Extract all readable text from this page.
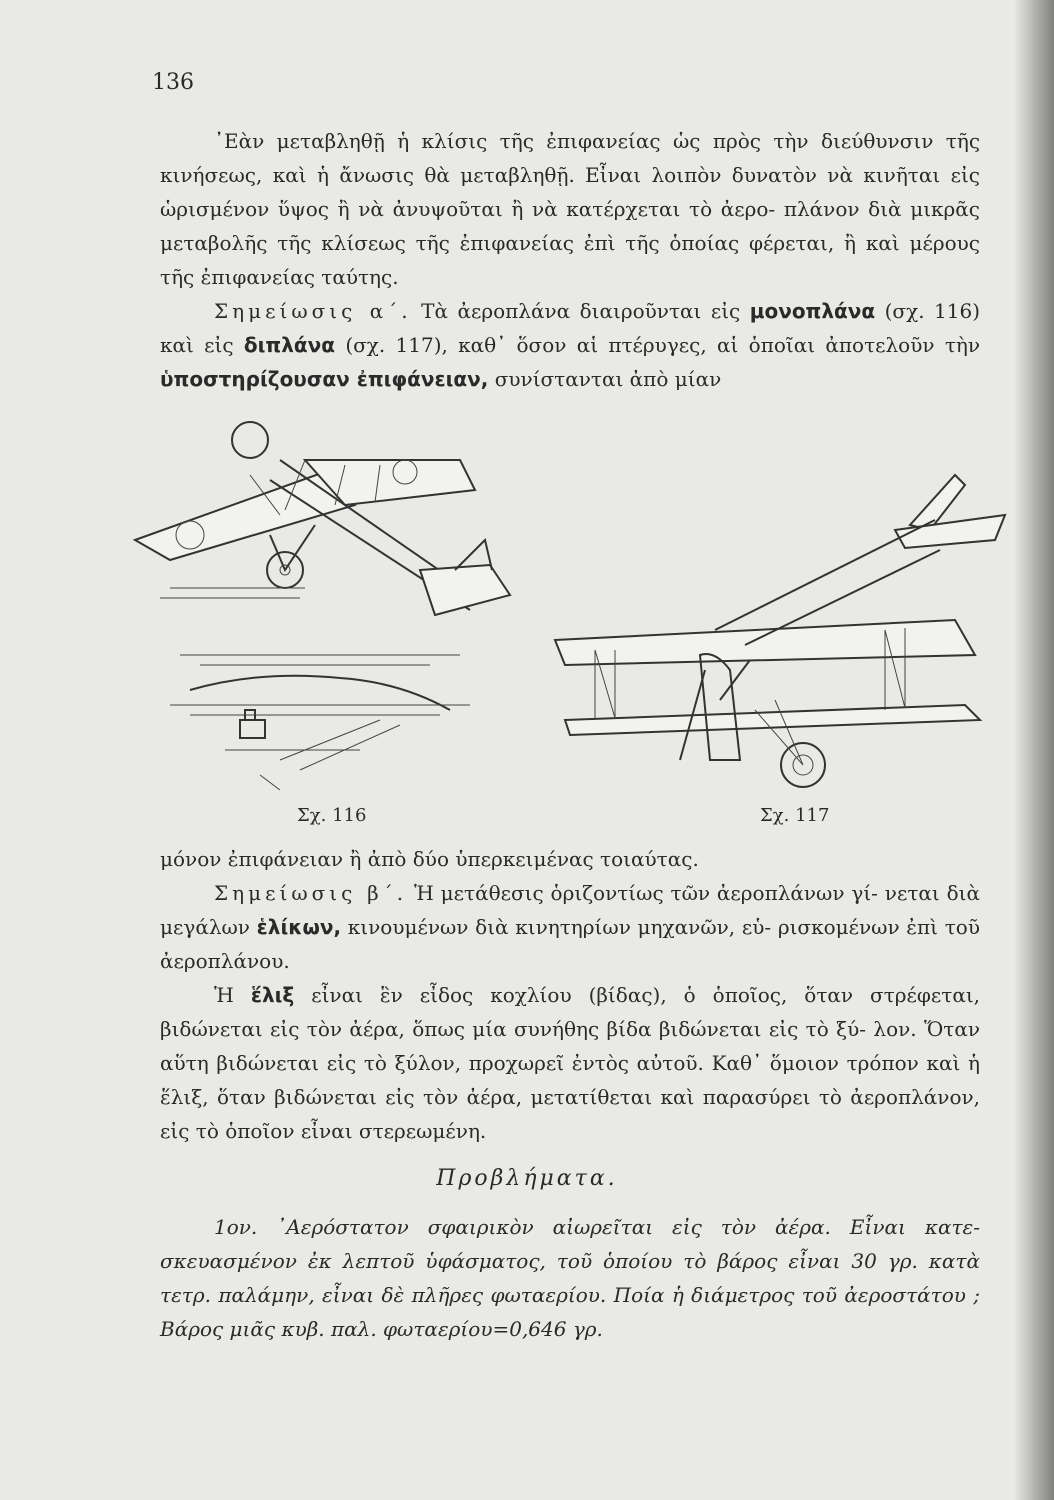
136

᾿Εὰν μεταβληθῇ ἡ κλίσις τῆς ἐπιφανείας ὡς πρὸς τὴν διεύθυνσιν τῆς κινήσεως, καὶ ἡ ἄνωσις θὰ μεταβληθῇ. Εἶναι λοιπὸν δυνατὸν νὰ κινῆται εἰς ὡρισμένον ὕψος ἢ νὰ ἀνυψοῦται ἢ νὰ κατέρχεται τὸ ἀερο- πλάνον διὰ μικρᾶς μεταβολῆς τῆς κλίσεως τῆς ἐπιφανείας ἐπὶ τῆς ὁποίας φέρεται, ἢ καὶ μέρους τῆς ἐπιφανείας ταύτης.

Σημείωσις α΄. Τὰ ἀεροπλάνα διαιροῦνται εἰς μονοπλάνα (σχ. 116) καὶ εἰς διπλάνα (σχ. 117), καθ᾿ ὅσον αἱ πτέρυγες, αἱ ὁποῖαι ἀποτελοῦν τὴν ὑποστηρίζουσαν ἐπιφάνειαν, συνίστανται ἀπὸ μίαν

Σχ. 116	Σχ. 117

μόνον ἐπιφάνειαν ἢ ἀπὸ δύο ὑπερκειμένας τοιαύτας.

Σημείωσις β΄. Ἡ μετάθεσις ὁριζοντίως τῶν ἀεροπλάνων γί- νεται διὰ μεγάλων ἑλίκων, κινουμένων διὰ κινητηρίων μηχανῶν, εὑ- ρισκομένων ἐπὶ τοῦ ἀεροπλάνου.

Ἡ ἕλιξ εἶναι ἓν εἶδος κοχλίου (βίδας), ὁ ὁποῖος, ὅταν στρέφεται, βιδώνεται εἰς τὸν ἀέρα, ὅπως μία συνήθης βίδα βιδώνεται εἰς τὸ ξύ- λον. Ὅταν αὕτη βιδώνεται εἰς τὸ ξύλον, προχωρεῖ ἐντὸς αὐτοῦ. Καθ᾿ ὅμοιον τρόπον καὶ ἡ ἕλιξ, ὅταν βιδώνεται εἰς τὸν ἀέρα, μετατίθεται καὶ παρασύρει τὸ ἀεροπλάνον, εἰς τὸ ὁποῖον εἶναι στερεωμένη.

Προβλήματα.

1ον. ᾿Αερόστατον σφαιρικὸν αἰωρεῖται εἰς τὸν ἀέρα. Εἶναι κατε- σκευασμένον ἐκ λεπτοῦ ὑφάσματος, τοῦ ὁποίου τὸ βάρος εἶναι 30 γρ. κατὰ τετρ. παλάμην, εἶναι δὲ πλῆρες φωταερίου. Ποία ἡ διάμετρος τοῦ ἀεροστάτου ; Βάρος μιᾶς κυβ. παλ. φωταερίου=0,646 γρ.
